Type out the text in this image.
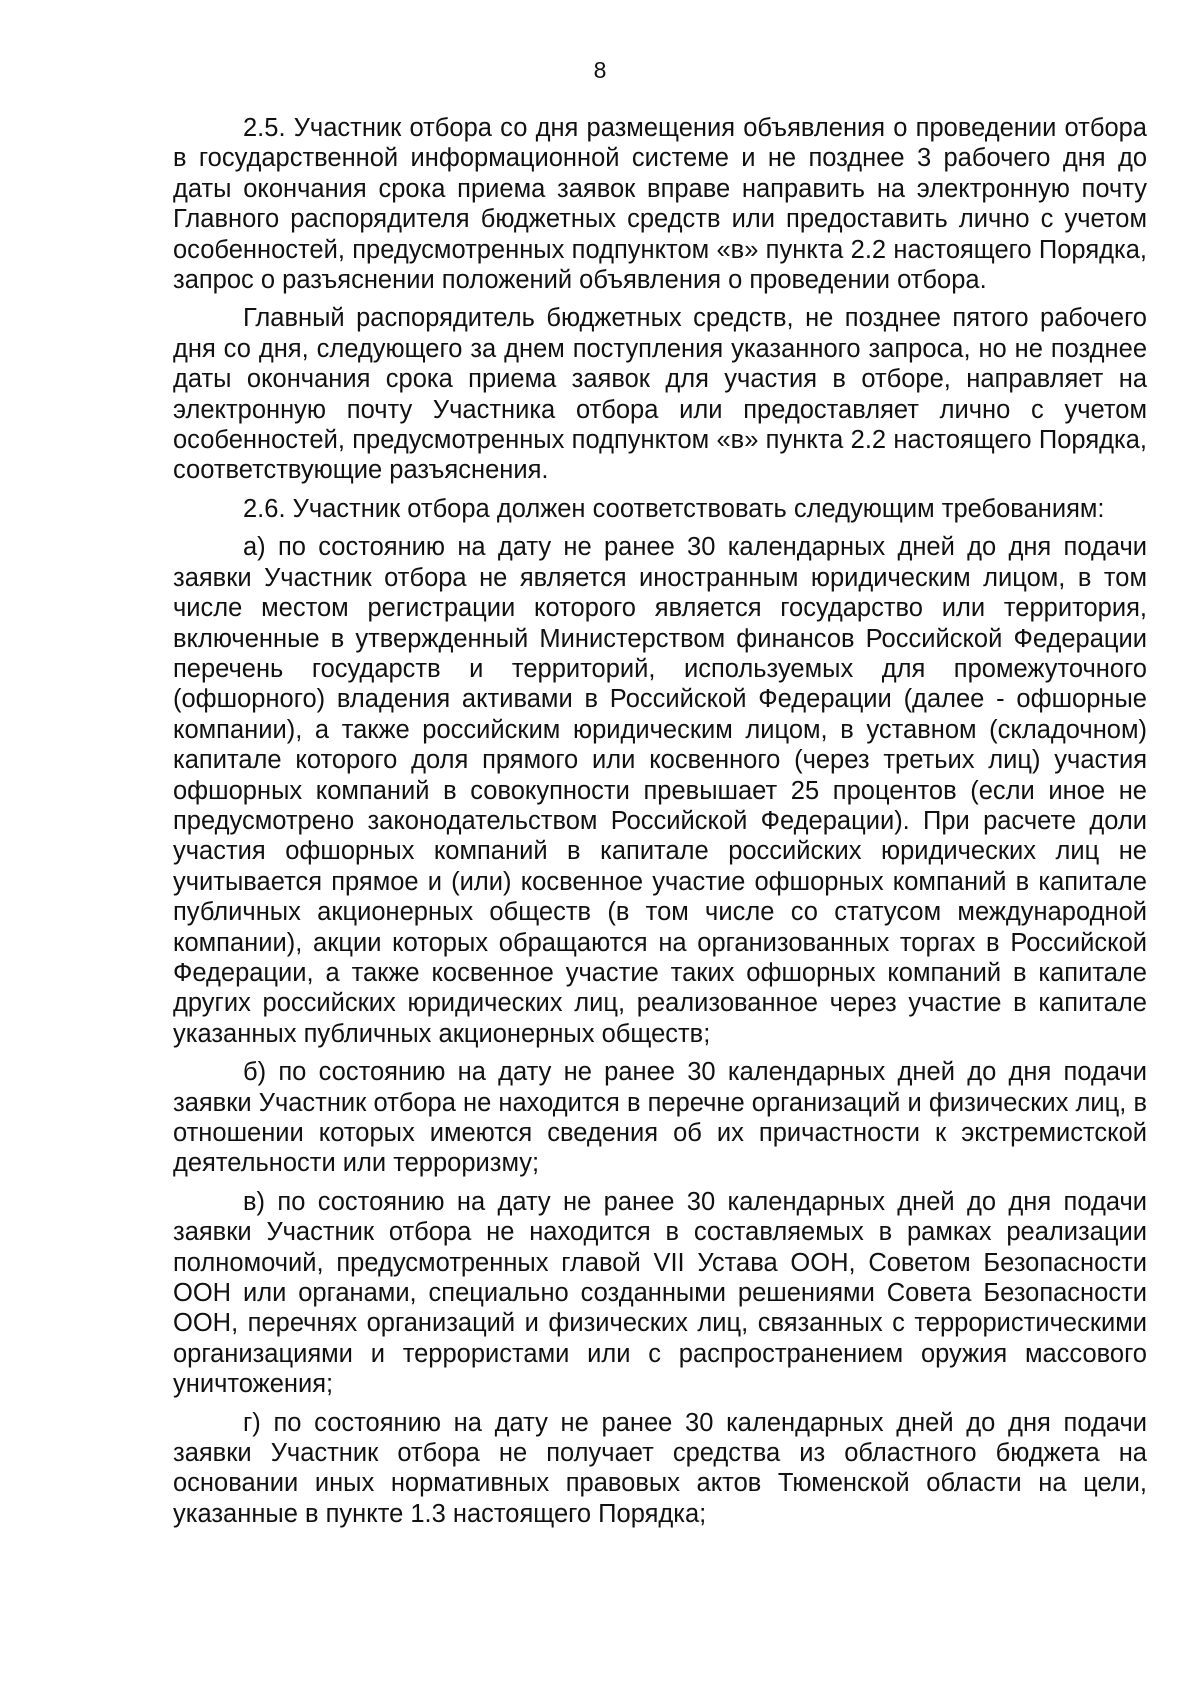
8

2.5. Участник отбора со дня размещения объявления о проведении отбора в государственной информационной системе и не позднее 3 рабочего дня до даты окончания срока приема заявок вправе направить на электронную почту Главного распорядителя бюджетных средств или предоставить лично с учетом особенностей, предусмотренных подпунктом «в» пункта 2.2 настоящего Порядка, запрос о разъяснении положений объявления о проведении отбора.

Главный распорядитель бюджетных средств, не позднее пятого рабочего дня со дня, следующего за днем поступления указанного запроса, но не позднее даты окончания срока приема заявок для участия в отборе, направляет на электронную почту Участника отбора или предоставляет лично с учетом особенностей, предусмотренных подпунктом «в» пункта 2.2 настоящего Порядка, соответствующие разъяснения.

2.6. Участник отбора должен соответствовать следующим требованиям:

а) по состоянию на дату не ранее 30 календарных дней до дня подачи заявки Участник отбора не является иностранным юридическим лицом, в том числе местом регистрации которого является государство или территория, включенные в утвержденный Министерством финансов Российской Федерации перечень государств и территорий, используемых для промежуточного (офшорного) владения активами в Российской Федерации (далее - офшорные компании), а также российским юридическим лицом, в уставном (складочном) капитале которого доля прямого или косвенного (через третьих лиц) участия офшорных компаний в совокупности превышает 25 процентов (если иное не предусмотрено законодательством Российской Федерации). При расчете доли участия офшорных компаний в капитале российских юридических лиц не учитывается прямое и (или) косвенное участие офшорных компаний в капитале публичных акционерных обществ (в том числе со статусом международной компании), акции которых обращаются на организованных торгах в Российской Федерации, а также косвенное участие таких офшорных компаний в капитале других российских юридических лиц, реализованное через участие в капитале указанных публичных акционерных обществ;

б) по состоянию на дату не ранее 30 календарных дней до дня подачи заявки Участник отбора не находится в перечне организаций и физических лиц, в отношении которых имеются сведения об их причастности к экстремистской деятельности или терроризму;

в) по состоянию на дату не ранее 30 календарных дней до дня подачи заявки Участник отбора не находится в составляемых в рамках реализации полномочий, предусмотренных главой VII Устава ООН, Советом Безопасности ООН или органами, специально созданными решениями Совета Безопасности ООН, перечнях организаций и физических лиц, связанных с террористическими организациями и террористами или с распространением оружия массового уничтожения;

г) по состоянию на дату не ранее 30 календарных дней до дня подачи заявки Участник отбора не получает средства из областного бюджета на основании иных нормативных правовых актов Тюменской области на цели, указанные в пункте 1.3 настоящего Порядка;
